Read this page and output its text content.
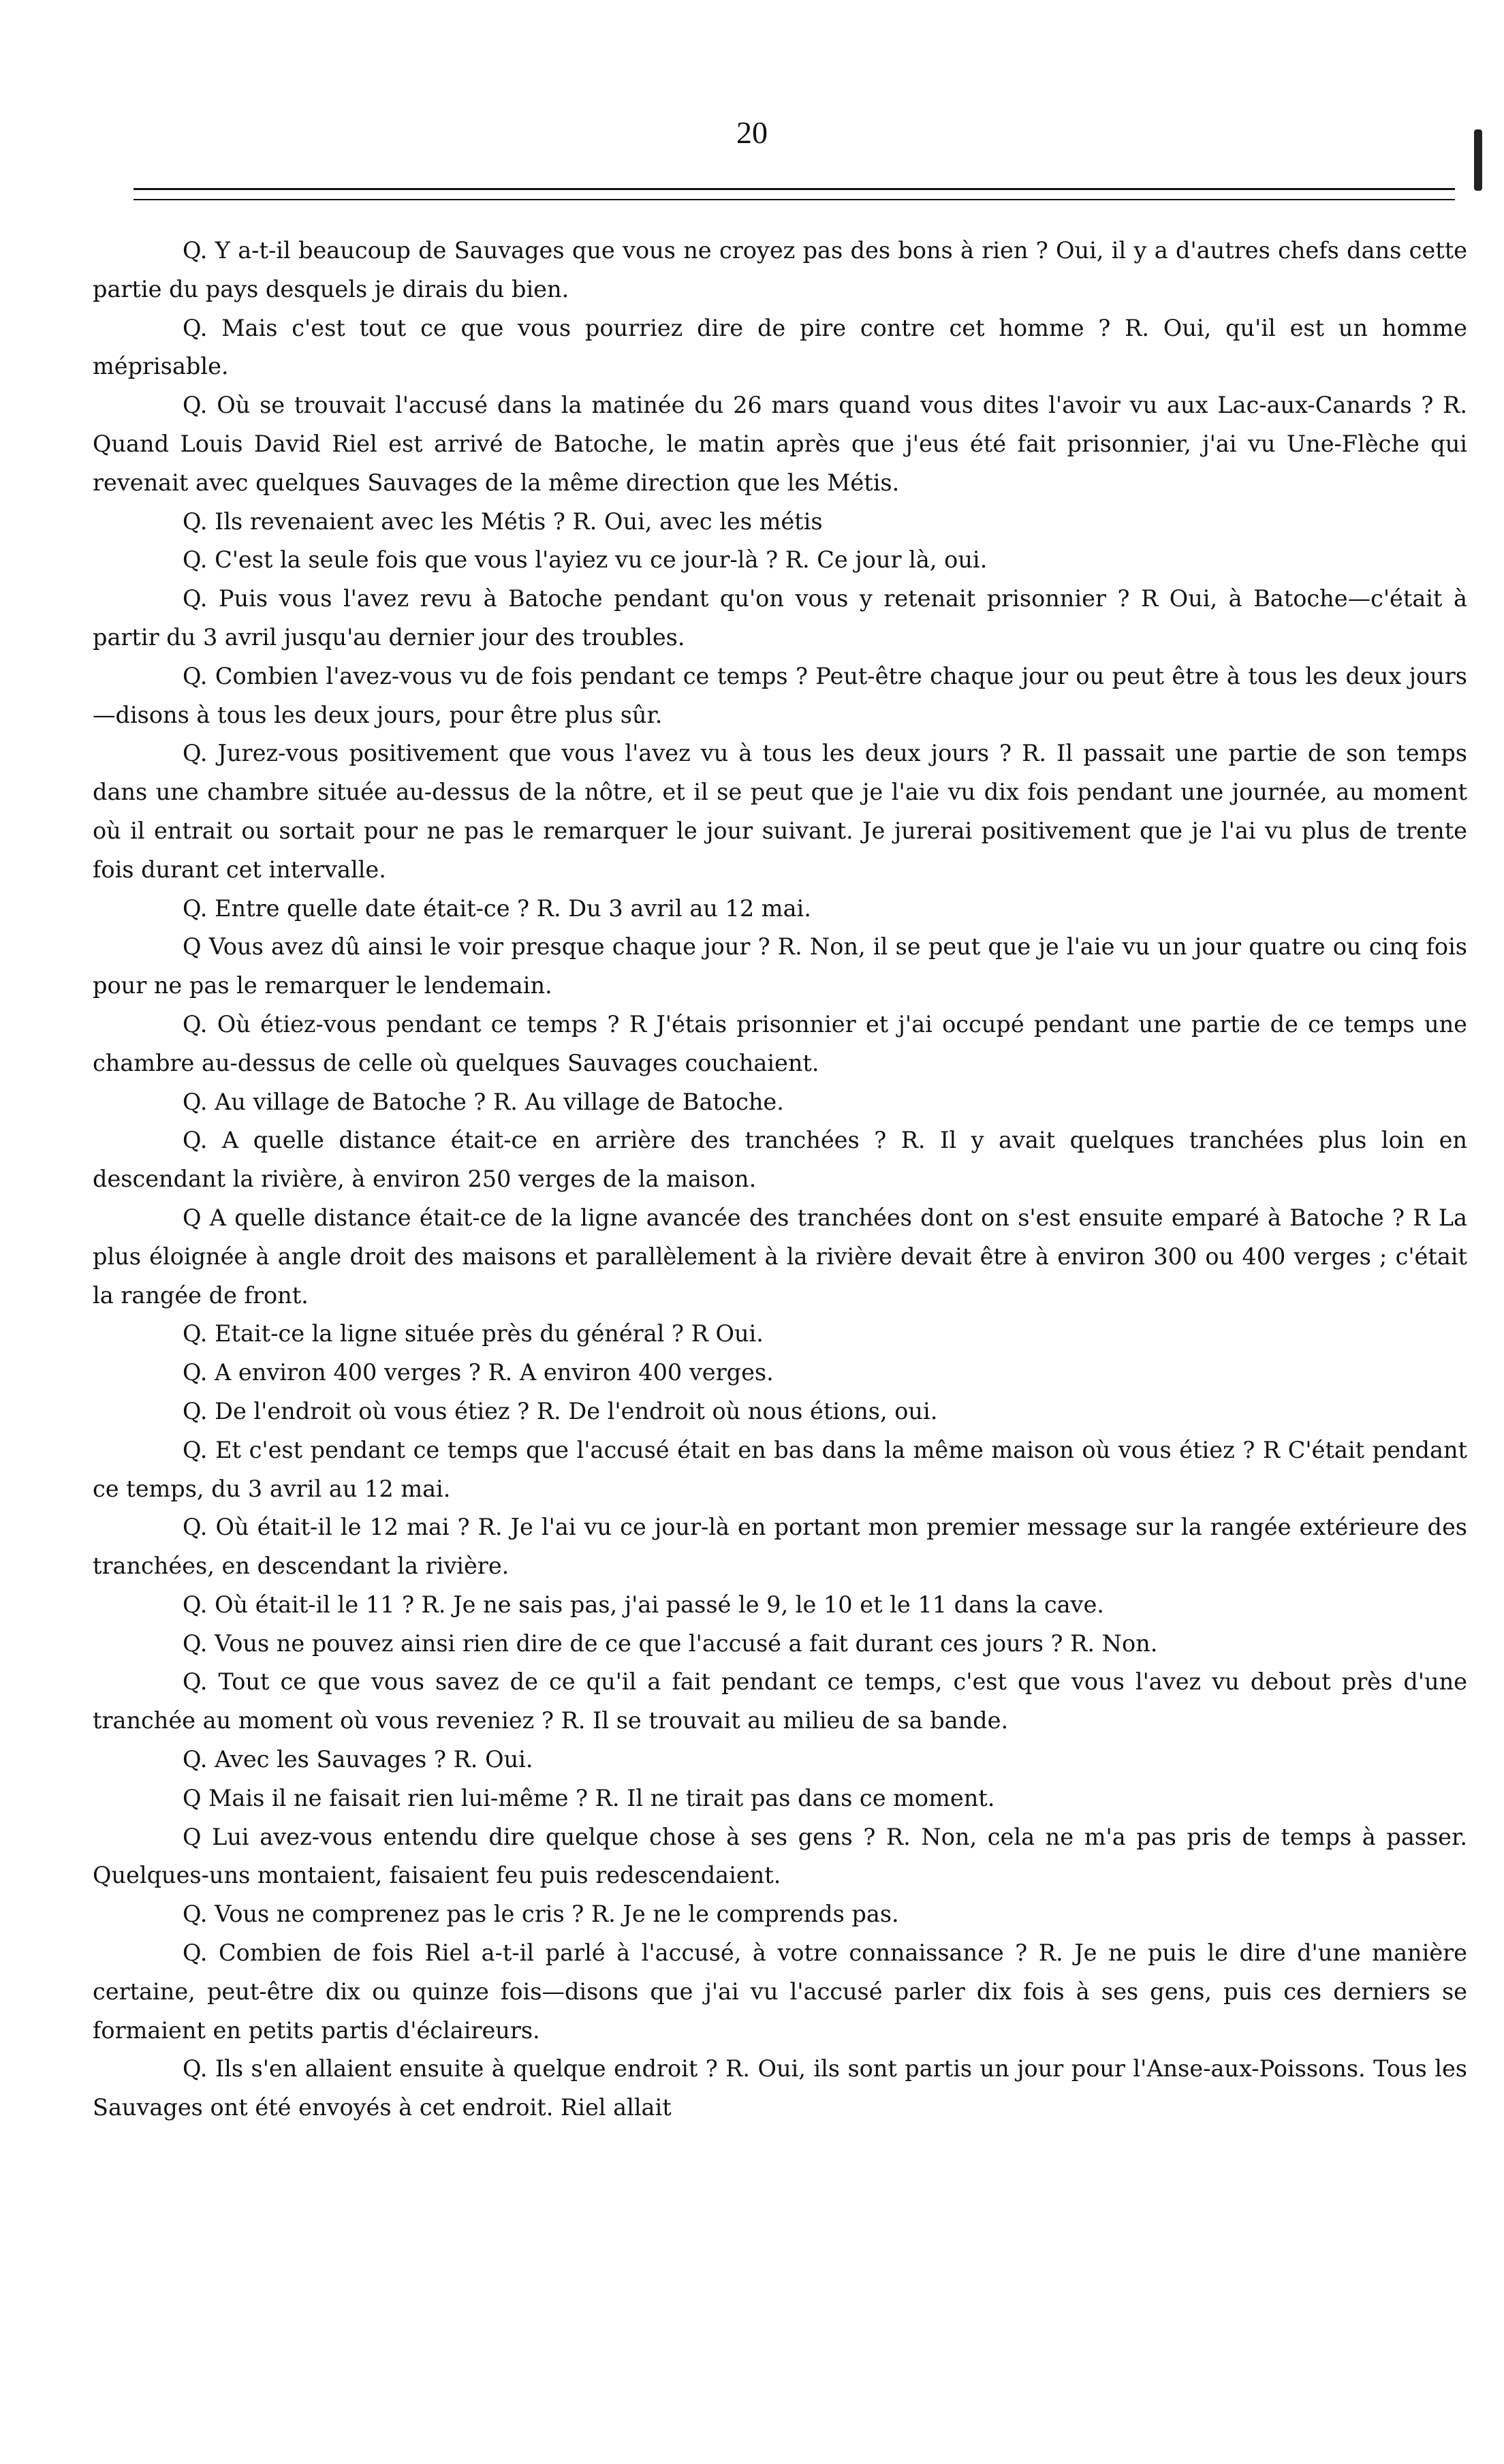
20

Q. Y a-t-il beaucoup de Sauvages que vous ne croyez pas des bons à rien ? Oui, il y a d'autres chefs dans cette partie du pays desquels je dirais du bien.

Q. Mais c'est tout ce que vous pourriez dire de pire contre cet homme ? R. Oui, qu'il est un homme méprisable.

Q. Où se trouvait l'accusé dans la matinée du 26 mars quand vous dites l'avoir vu aux Lac-aux-Canards ? R. Quand Louis David Riel est arrivé de Batoche, le matin après que j'eus été fait prisonnier, j'ai vu Une-Flèche qui revenait avec quelques Sauvages de la même direction que les Métis.

Q. Ils revenaient avec les Métis ? R. Oui, avec les métis

Q. C'est la seule fois que vous l'ayiez vu ce jour-là ? R. Ce jour là, oui.

Q. Puis vous l'avez revu à Batoche pendant qu'on vous y retenait prisonnier ? R Oui, à Batoche—c'était à partir du 3 avril jusqu'au dernier jour des troubles.

Q. Combien l'avez-vous vu de fois pendant ce temps ? Peut-être chaque jour ou peut être à tous les deux jours—disons à tous les deux jours, pour être plus sûr.

Q. Jurez-vous positivement que vous l'avez vu à tous les deux jours ? R. Il passait une partie de son temps dans une chambre située au-dessus de la nôtre, et il se peut que je l'aie vu dix fois pendant une journée, au moment où il entrait ou sortait pour ne pas le remarquer le jour suivant. Je jurerai positivement que je l'ai vu plus de trente fois durant cet intervalle.

Q. Entre quelle date était-ce ? R. Du 3 avril au 12 mai.

Q Vous avez dû ainsi le voir presque chaque jour ? R. Non, il se peut que je l'aie vu un jour quatre ou cinq fois pour ne pas le remarquer le lendemain.

Q. Où étiez-vous pendant ce temps ? R J'étais prisonnier et j'ai occupé pendant une partie de ce temps une chambre au-dessus de celle où quelques Sauvages couchaient.

Q. Au village de Batoche ? R. Au village de Batoche.

Q. A quelle distance était-ce en arrière des tranchées ? R. Il y avait quelques tranchées plus loin en descendant la rivière, à environ 250 verges de la maison.

Q A quelle distance était-ce de la ligne avancée des tranchées dont on s'est ensuite emparé à Batoche ? R La plus éloignée à angle droit des maisons et parallèlement à la rivière devait être à environ 300 ou 400 verges ; c'était la rangée de front.

Q. Etait-ce la ligne située près du général ? R Oui.

Q. A environ 400 verges ? R. A environ 400 verges.

Q. De l'endroit où vous étiez ? R. De l'endroit où nous étions, oui.

Q. Et c'est pendant ce temps que l'accusé était en bas dans la même maison où vous étiez ? R C'était pendant ce temps, du 3 avril au 12 mai.

Q. Où était-il le 12 mai ? R. Je l'ai vu ce jour-là en portant mon premier message sur la rangée extérieure des tranchées, en descendant la rivière.

Q. Où était-il le 11 ? R. Je ne sais pas, j'ai passé le 9, le 10 et le 11 dans la cave.

Q. Vous ne pouvez ainsi rien dire de ce que l'accusé a fait durant ces jours ? R. Non.

Q. Tout ce que vous savez de ce qu'il a fait pendant ce temps, c'est que vous l'avez vu debout près d'une tranchée au moment où vous reveniez ? R. Il se trouvait au milieu de sa bande.

Q. Avec les Sauvages ? R. Oui.

Q Mais il ne faisait rien lui-même ? R. Il ne tirait pas dans ce moment.

Q Lui avez-vous entendu dire quelque chose à ses gens ? R. Non, cela ne m'a pas pris de temps à passer. Quelques-uns montaient, faisaient feu puis redescendaient.

Q. Vous ne comprenez pas le cris ? R. Je ne le comprends pas.

Q. Combien de fois Riel a-t-il parlé à l'accusé, à votre connaissance ? R. Je ne puis le dire d'une manière certaine, peut-être dix ou quinze fois—disons que j'ai vu l'accusé parler dix fois à ses gens, puis ces derniers se formaient en petits partis d'éclaireurs.

Q. Ils s'en allaient ensuite à quelque endroit ? R. Oui, ils sont partis un jour pour l'Anse-aux-Poissons. Tous les Sauvages ont été envoyés à cet endroit. Riel allait
